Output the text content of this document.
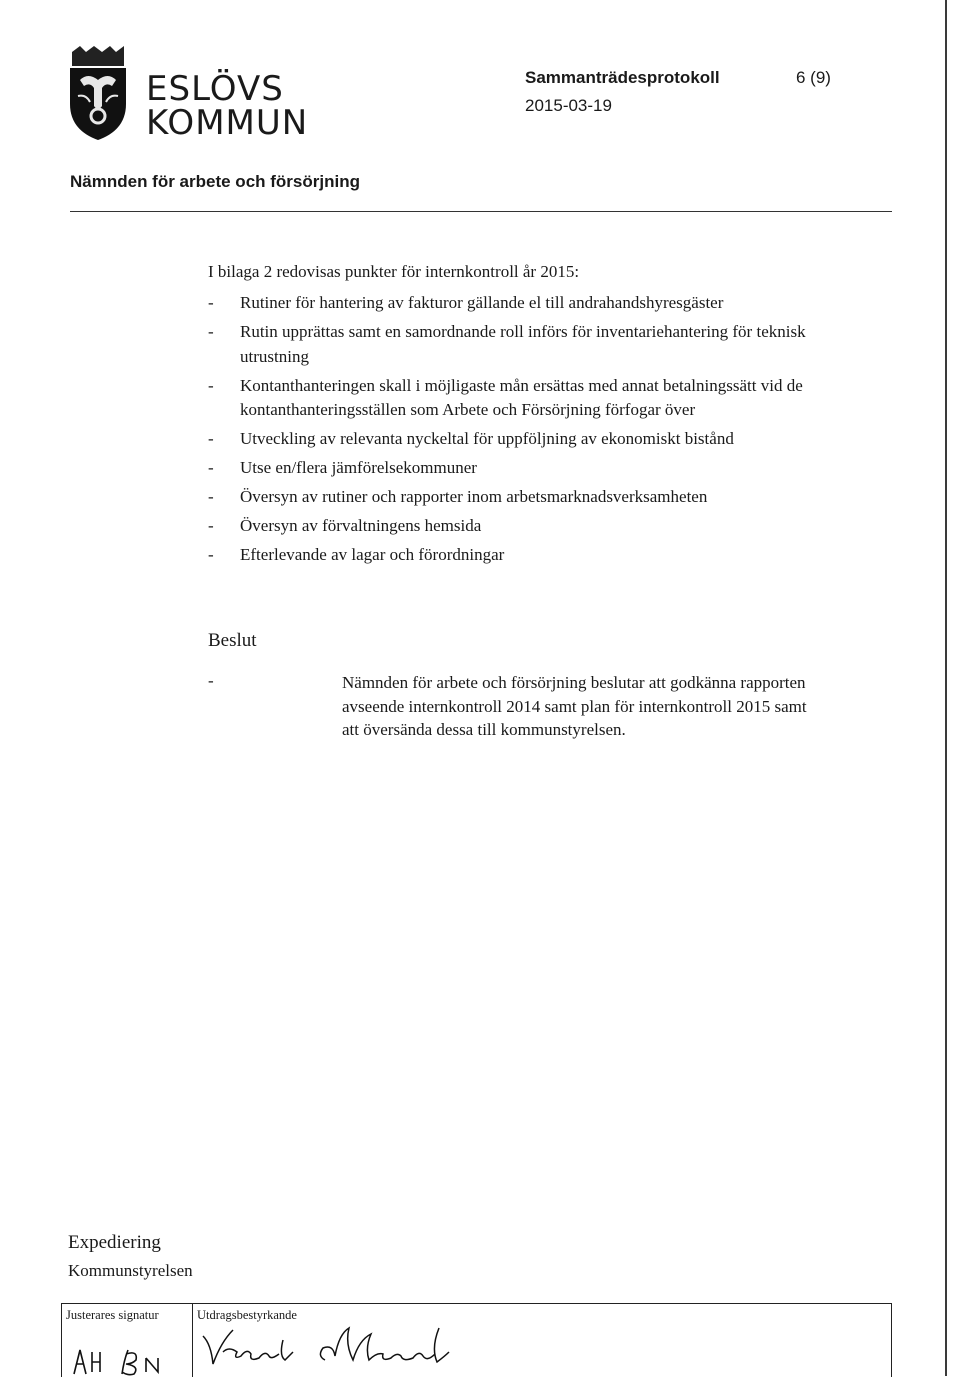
ESLÖVS
KOMMUN
Sammanträdesprotokoll	6 (9)
2015-03-19
Nämnden för arbete och försörjning
I bilaga 2 redovisas punkter för internkontroll år 2015:
- Rutiner för hantering av fakturor gällande el till andrahandshyresgäster
- Rutin upprättas samt en samordnande roll införs för inventariehantering för teknisk utrustning
- Kontanthanteringen skall i möjligaste mån ersättas med annat betalningssätt vid de kontanthanteringsställen som Arbete och Försörjning förfogar över
- Utveckling av relevanta nyckeltal för uppföljning av ekonomiskt bistånd
- Utse en/flera jämförelsekommuner
- Översyn av rutiner och rapporter inom arbetsmarknadsverksamheten
- Översyn av förvaltningens hemsida
- Efterlevande av lagar och förordningar
Beslut
-	Nämnden för arbete och försörjning beslutar att godkänna rapporten avseende internkontroll 2014 samt plan för internkontroll 2015 samt att översända dessa till kommunstyrelsen.
Expediering
Kommunstyrelsen
Justerares signatur	Utdragsbestyrkande
